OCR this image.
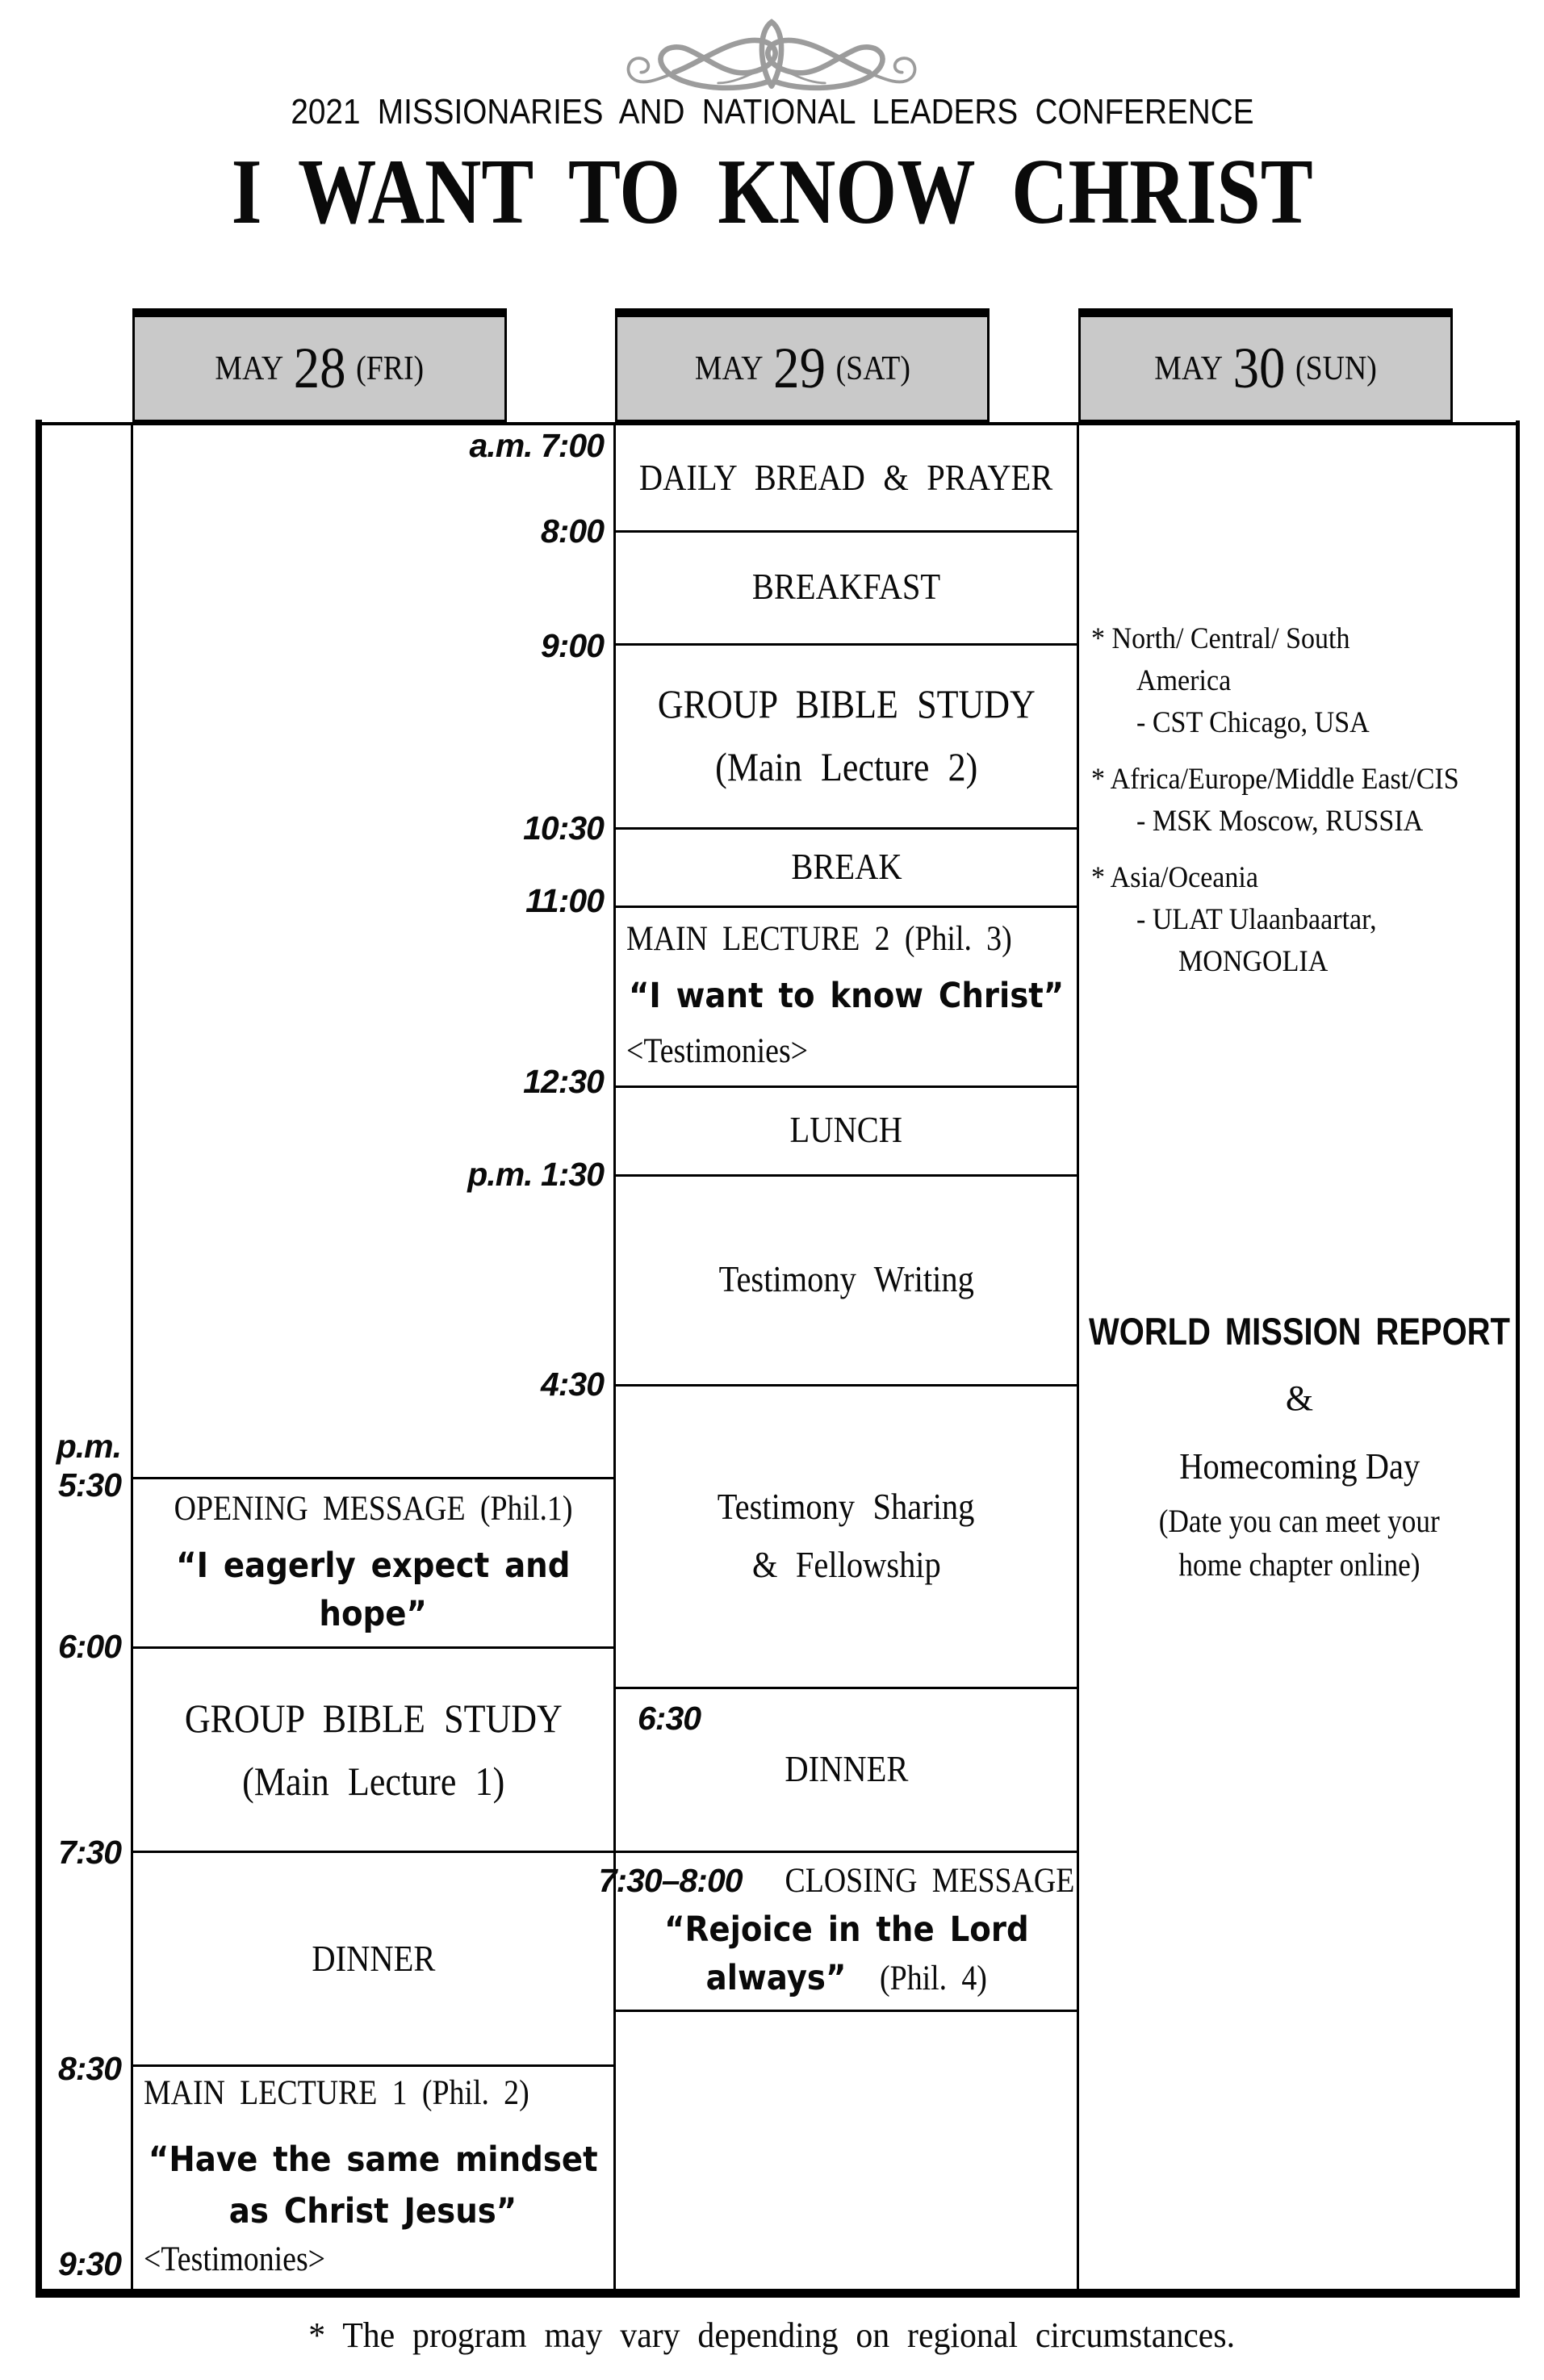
2021 MISSIONARIES AND NATIONAL LEADERS CONFERENCE
I WANT TO KNOW CHRIST
MAY 28 (FRI)	MAY 29 (SAT)	MAY 30 (SUN)
a.m. 7:00
8:00
9:00
10:30
11:00
12:30
p.m. 1:30
4:30
p.m.
5:30
6:00
7:30
8:30
9:30
DAILY BREAD & PRAYER
BREAKFAST
GROUP BIBLE STUDY
(Main Lecture 2)
BREAK
MAIN LECTURE 2 (Phil. 3)
“I want to know Christ”
<Testimonies>
LUNCH
Testimony Writing
Testimony Sharing
& Fellowship
6:30
DINNER
7:30–8:00 CLOSING MESSAGE
“Rejoice in the Lord
always” (Phil. 4)
OPENING MESSAGE (Phil.1)
“I eagerly expect and
hope”
GROUP BIBLE STUDY
(Main Lecture 1)
DINNER
MAIN LECTURE 1 (Phil. 2)
“Have the same mindset
as Christ Jesus”
<Testimonies>
* North/ Central/ South
America
- CST Chicago, USA
* Africa/Europe/Middle East/CIS
- MSK Moscow, RUSSIA
* Asia/Oceania
- ULAT Ulaanbaartar,
MONGOLIA
WORLD MISSION REPORT
&
Homecoming Day
(Date you can meet your
home chapter online)
* The program may vary depending on regional circumstances.
